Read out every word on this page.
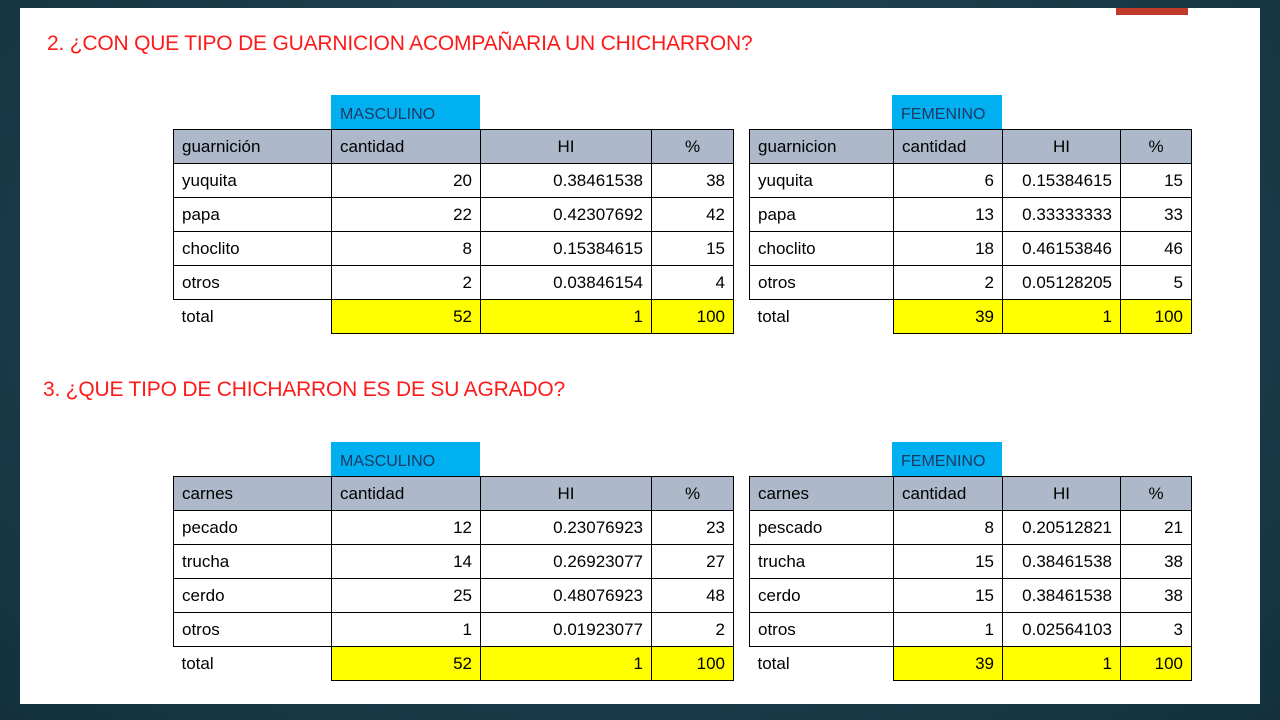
2. ¿CON QUE TIPO DE GUARNICION ACOMPAÑARIA UN CHICHARRON?
MASCULINO
guarnición	cantidad	HI	%
yuquita	20	0.38461538	38
papa	22	0.42307692	42
choclito	8	0.15384615	15
otros	2	0.03846154	4
total	52	1	100
FEMENINO
guarnicion	cantidad	HI	%
yuquita	6	0.15384615	15
papa	13	0.33333333	33
choclito	18	0.46153846	46
otros	2	0.05128205	5
total	39	1	100
3. ¿QUE TIPO DE CHICHARRON ES DE SU AGRADO?
MASCULINO
carnes	cantidad	HI	%
pecado	12	0.23076923	23
trucha	14	0.26923077	27
cerdo	25	0.48076923	48
otros	1	0.01923077	2
total	52	1	100
FEMENINO
carnes	cantidad	HI	%
pescado	8	0.20512821	21
trucha	15	0.38461538	38
cerdo	15	0.38461538	38
otros	1	0.02564103	3
total	39	1	100
